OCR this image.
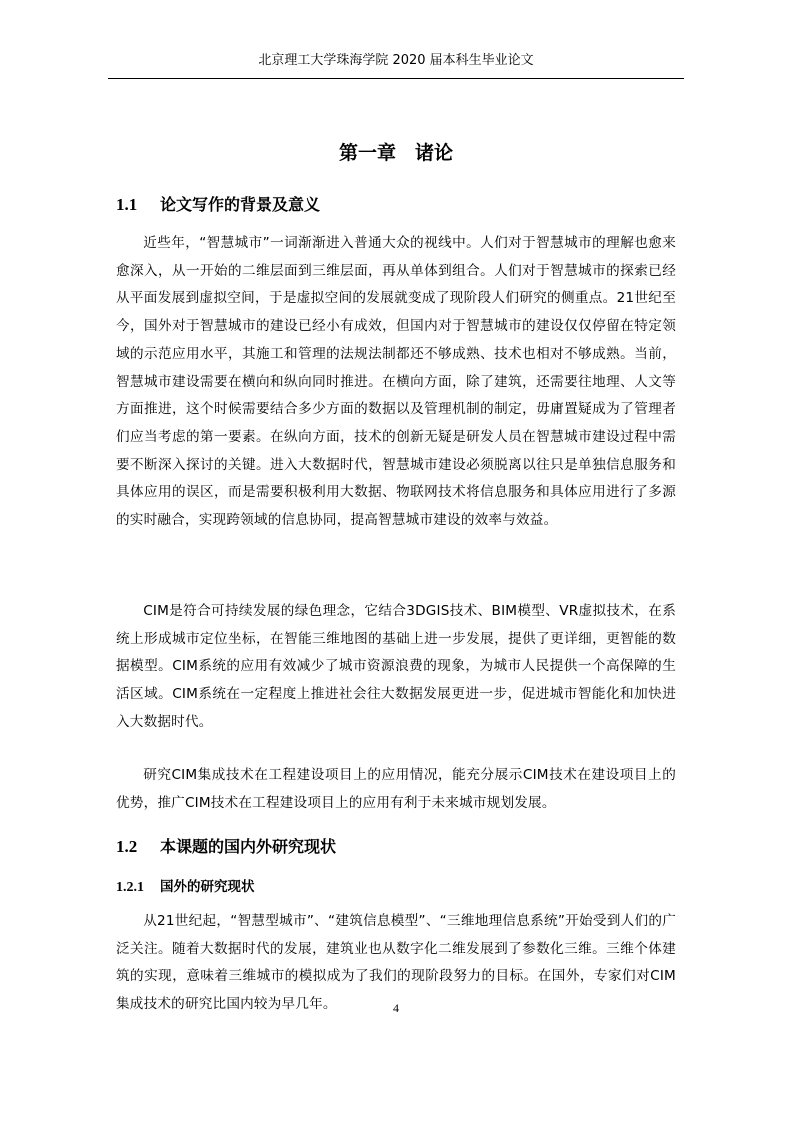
北京理工大学珠海学院 2020 届本科生毕业论文
第一章　诸论
1.1 论文写作的背景及意义

近些年，“智慧城市”一词渐渐进入普通大众的视线中。人们对于智慧城市的理解也愈来愈深入，从一开始的二维层面到三维层面，再从单体到组合。人们对于智慧城市的探索已经从平面发展到虚拟空间，于是虚拟空间的发展就变成了现阶段人们研究的侧重点。21世纪至今，国外对于智慧城市的建设已经小有成效，但国内对于智慧城市的建设仅仅停留在特定领域的示范应用水平，其施工和管理的法规法制都还不够成熟、技术也相对不够成熟。当前，智慧城市建设需要在横向和纵向同时推进。在横向方面，除了建筑，还需要往地理、人文等方面推进，这个时候需要结合多少方面的数据以及管理机制的制定，毋庸置疑成为了管理者们应当考虑的第一要素。在纵向方面，技术的创新无疑是研发人员在智慧城市建设过程中需要不断深入探讨的关键。进入大数据时代，智慧城市建设必须脱离以往只是单独信息服务和具体应用的误区，而是需要积极利用大数据、物联网技术将信息服务和具体应用进行了多源的实时融合，实现跨领域的信息协同，提高智慧城市建设的效率与效益。

CIM是符合可持续发展的绿色理念，它结合3DGIS技术、BIM模型、VR虚拟技术，在系统上形成城市定位坐标，在智能三维地图的基础上进一步发展，提供了更详细，更智能的数据模型。CIM系统的应用有效减少了城市资源浪费的现象，为城市人民提供一个高保障的生活区域。CIM系统在一定程度上推进社会往大数据发展更进一步，促进城市智能化和加快进入大数据时代。

研究CIM集成技术在工程建设项目上的应用情况，能充分展示CIM技术在建设项目上的优势，推广CIM技术在工程建设项目上的应用有利于未来城市规划发展。

1.2 本课题的国内外研究现状
1.2.1 国外的研究现状

从21世纪起，“智慧型城市”、“建筑信息模型”、“三维地理信息系统”开始受到人们的广泛关注。随着大数据时代的发展，建筑业也从数字化二维发展到了参数化三维。三维个体建筑的实现，意味着三维城市的模拟成为了我们的现阶段努力的目标。在国外，专家们对CIM集成技术的研究比国内较为早几年。	4
